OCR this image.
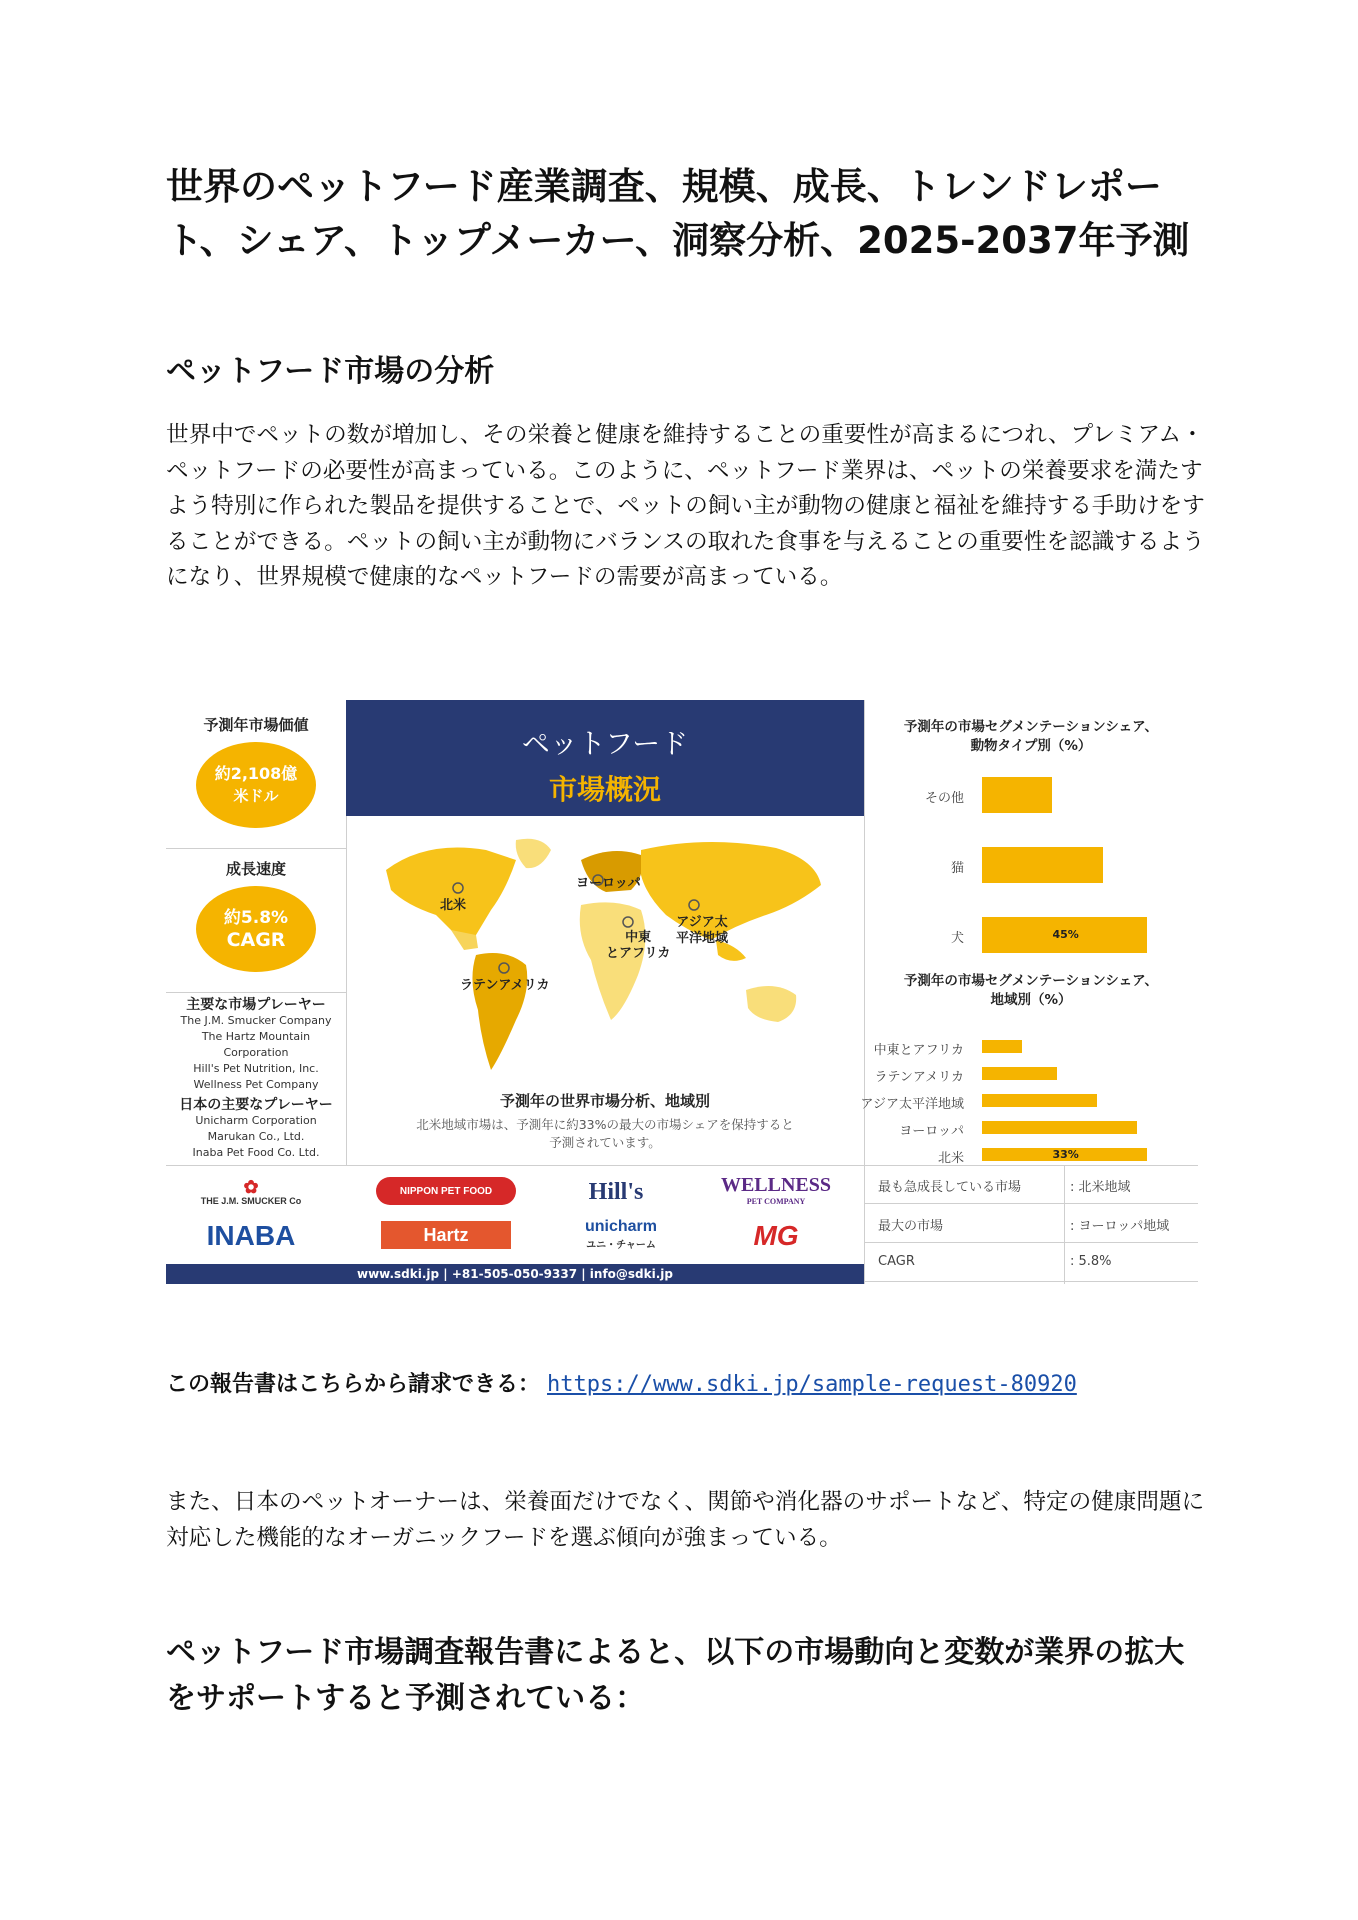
世界のペットフード産業調査、規模、成長、トレンドレポート、シェア、トップメーカー、洞察分析、2025-2037年予測
ペットフード市場の分析

世界中でペットの数が増加し、その栄養と健康を維持することの重要性が高まるにつれ、プレミアム・ペットフードの必要性が高まっている。このように、ペットフード業界は、ペットの栄養要求を満たすよう特別に作られた製品を提供することで、ペットの飼い主が動物の健康と福祉を維持する手助けをすることができる。ペットの飼い主が動物にバランスの取れた食事を与えることの重要性を認識するようになり、世界規模で健康的なペットフードの需要が高まっている。

予測年市場価値
約2,108億
米ドル
成長速度
約5.8%
CAGR
主要な市場プレーヤー
The J.M. Smucker Company
The Hartz Mountain
Corporation
Hill's Pet Nutrition, Inc.
Wellness Pet Company
日本の主要なプレーヤー
Unicharm Corporation
Marukan Co., Ltd.
Inaba Pet Food Co. Ltd.
ペットフード
市場概況
北米
ヨーロッパ
中東
とアフリカ
アジア太
平洋地域
ラテンアメリカ
予測年の世界市場分析、地域別
北米地域市場は、予測年に約33%の最大の市場シェアを保持すると
予測されています。
予測年の市場セグメンテーションシェア、
動物タイプ別（%）
その他
猫
犬	45%
予測年の市場セグメンテーションシェア、
地域別（%）
中東とアフリカ
ラテンアメリカ
アジア太平洋地域
ヨーロッパ
北米	33%
✿
THE J.M. SMUCKER Co
NIPPON PET FOOD	Hill's	WELLNESS
PET COMPANY
INABA	Hartz	unicharm
ユニ・チャーム	MG
www.sdki.jp | +81-505-050-9337 | info@sdki.jp
最も急成長している市場	: 北米地域
最大の市場	: ヨーロッパ地域
CAGR	: 5.8%
この報告書はこちらから請求できる： https://www.sdki.jp/sample-request-80920

また、日本のペットオーナーは、栄養面だけでなく、関節や消化器のサポートなど、特定の健康問題に対応した機能的なオーガニックフードを選ぶ傾向が強まっている。

ペットフード市場調査報告書によると、以下の市場動向と変数が業界の拡大をサポートすると予測されている：
